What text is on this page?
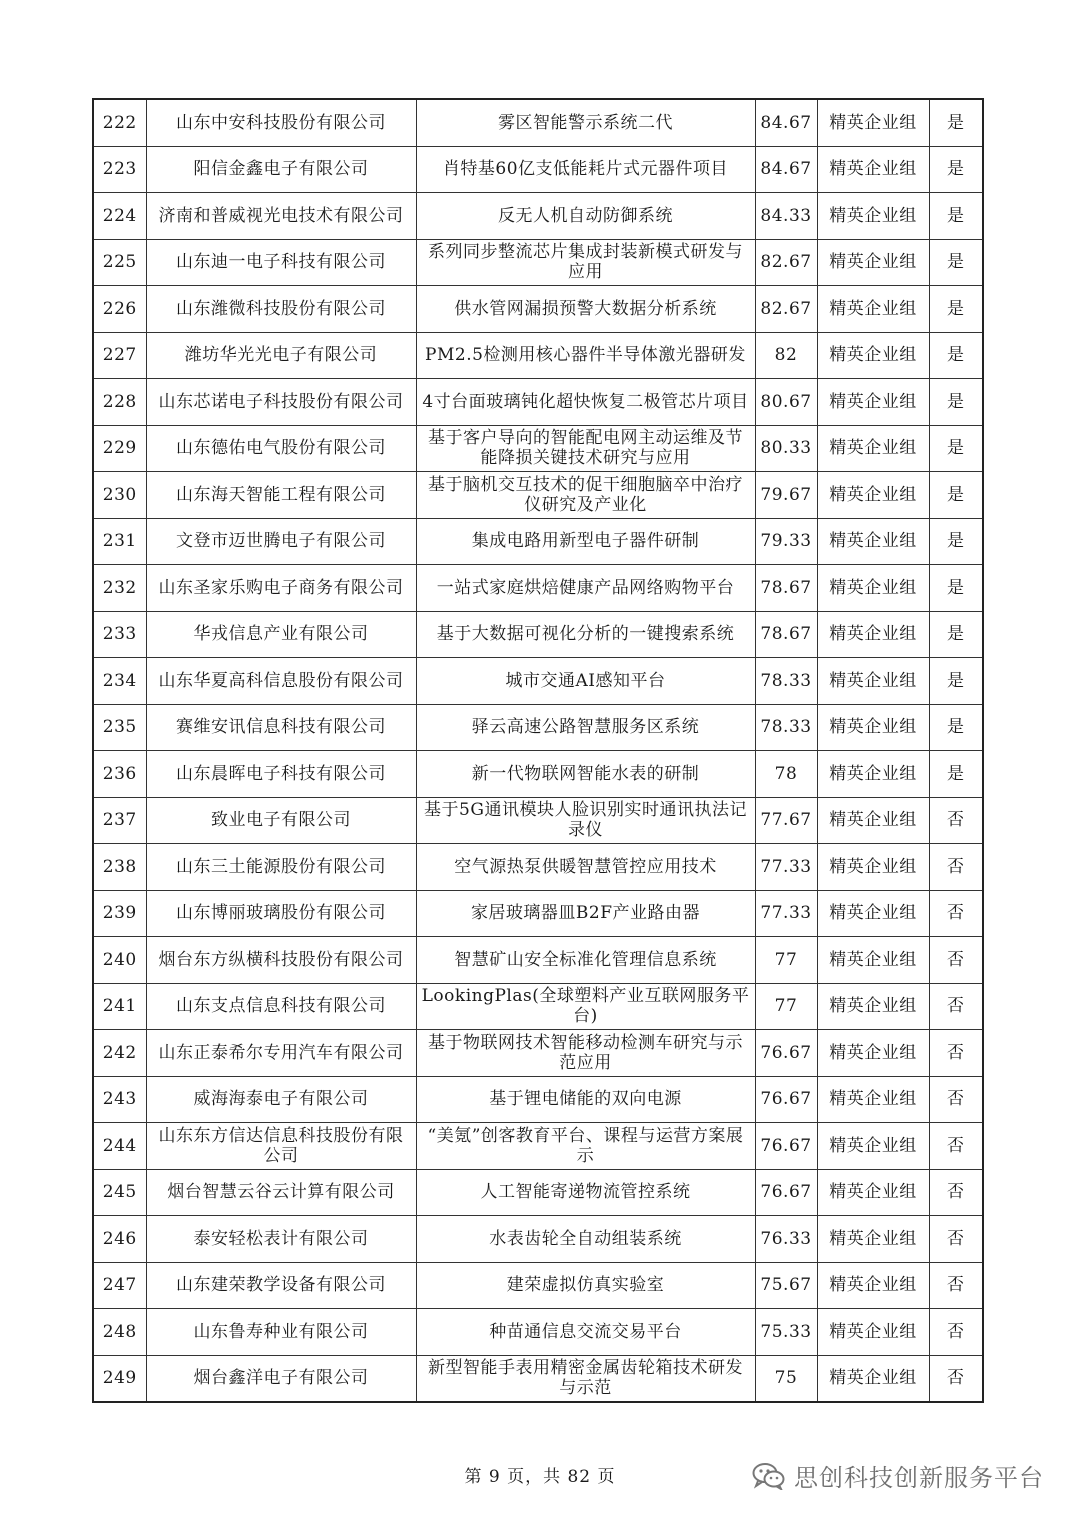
222	山东中安科技股份有限公司	雾区智能警示系统二代	84.67	精英企业组	是
223	阳信金鑫电子有限公司	肖特基60亿支低能耗片式元器件项目	84.67	精英企业组	是
224	济南和普威视光电技术有限公司	反无人机自动防御系统	84.33	精英企业组	是
225	山东迪一电子科技有限公司	系列同步整流芯片集成封装新模式研发与应用	82.67	精英企业组	是
226	山东潍微科技股份有限公司	供水管网漏损预警大数据分析系统	82.67	精英企业组	是
227	潍坊华光光电子有限公司	PM2.5检测用核心器件半导体激光器研发	82	精英企业组	是
228	山东芯诺电子科技股份有限公司	4寸台面玻璃钝化超快恢复二极管芯片项目	80.67	精英企业组	是
229	山东德佑电气股份有限公司	基于客户导向的智能配电网主动运维及节能降损关键技术研究与应用	80.33	精英企业组	是
230	山东海天智能工程有限公司	基于脑机交互技术的促干细胞脑卒中治疗仪研究及产业化	79.67	精英企业组	是
231	文登市迈世腾电子有限公司	集成电路用新型电子器件研制	79.33	精英企业组	是
232	山东圣家乐购电子商务有限公司	一站式家庭烘焙健康产品网络购物平台	78.67	精英企业组	是
233	华戎信息产业有限公司	基于大数据可视化分析的一键搜索系统	78.67	精英企业组	是
234	山东华夏高科信息股份有限公司	城市交通AI感知平台	78.33	精英企业组	是
235	赛维安讯信息科技有限公司	驿云高速公路智慧服务区系统	78.33	精英企业组	是
236	山东晨晖电子科技有限公司	新一代物联网智能水表的研制	78	精英企业组	是
237	致业电子有限公司	基于5G通讯模块人脸识别实时通讯执法记录仪	77.67	精英企业组	否
238	山东三土能源股份有限公司	空气源热泵供暖智慧管控应用技术	77.33	精英企业组	否
239	山东博丽玻璃股份有限公司	家居玻璃器皿B2F产业路由器	77.33	精英企业组	否
240	烟台东方纵横科技股份有限公司	智慧矿山安全标准化管理信息系统	77	精英企业组	否
241	山东支点信息科技有限公司	LookingPlas(全球塑料产业互联网服务平台)	77	精英企业组	否
242	山东正泰希尔专用汽车有限公司	基于物联网技术智能移动检测车研究与示范应用	76.67	精英企业组	否
243	威海海泰电子有限公司	基于锂电储能的双向电源	76.67	精英企业组	否
244	山东东方信达信息科技股份有限公司	“美氪”创客教育平台、课程与运营方案展示	76.67	精英企业组	否
245	烟台智慧云谷云计算有限公司	人工智能寄递物流管控系统	76.67	精英企业组	否
246	泰安轻松表计有限公司	水表齿轮全自动组装系统	76.33	精英企业组	否
247	山东建荣教学设备有限公司	建荣虚拟仿真实验室	75.67	精英企业组	否
248	山东鲁寿种业有限公司	种苗通信息交流交易平台	75.33	精英企业组	否
249	烟台鑫洋电子有限公司	新型智能手表用精密金属齿轮箱技术研发与示范	75	精英企业组	否
第 9 页，共 82 页	思创科技创新服务平台
